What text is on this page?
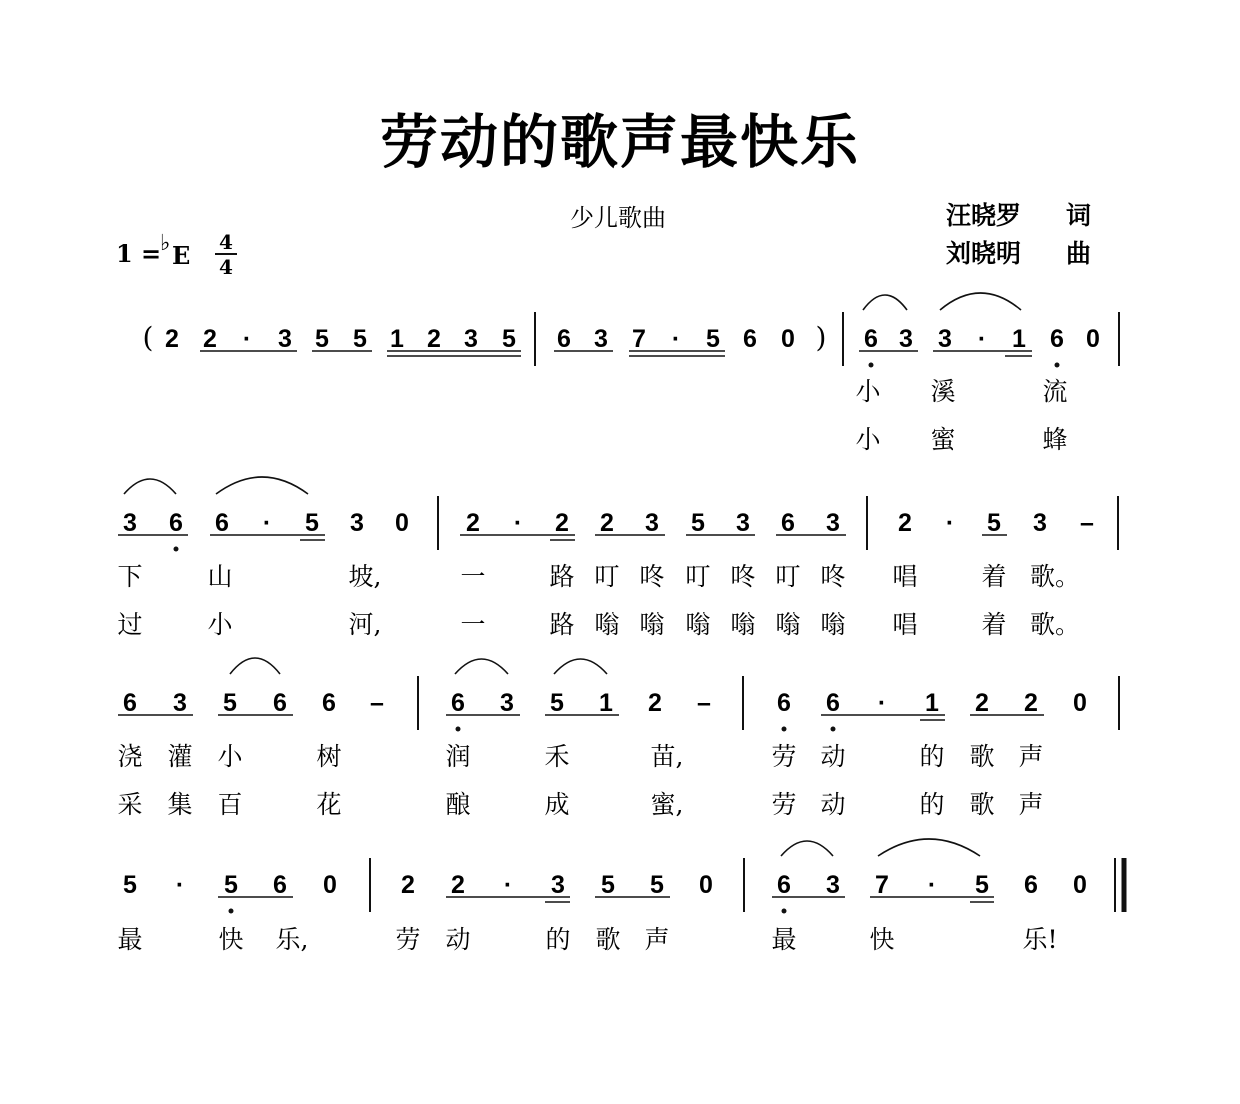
劳动的歌声最快乐
少儿歌曲	汪晓罗 词
刘晓明 曲
1 =
♭ E 4
4
( 2 2 · 3 5 5 1 2 3 5 6 3 7 · 5 6 0 ) 6 3 3 · 1 6 0
小 溪	流
小 蜜	蜂
3 6 6 · 5 3 0 2 · 2 2 3 5 3 6 3 2 · 5 3 –
下	山	坡,	一	路 叮 咚 叮 咚 叮 咚 唱	着 歌。
过	小	河,	一	路 嗡 嗡 嗡 嗡 嗡 嗡 唱	着 歌。
6 3 5 6 6 –	6 3 5 1 2 –	6 6 · 1 2 2 0
浇 灌 小	树	润	禾	苗,	劳 动	的 歌 声
采 集 百	花	酿	成	蜜,	劳 动	的 歌 声
5 · 5 6 0	2 2 · 3 5 5 0	6 3 7 · 5 6 0
最	快 乐,	劳 动	的 歌 声	最	快	乐!
